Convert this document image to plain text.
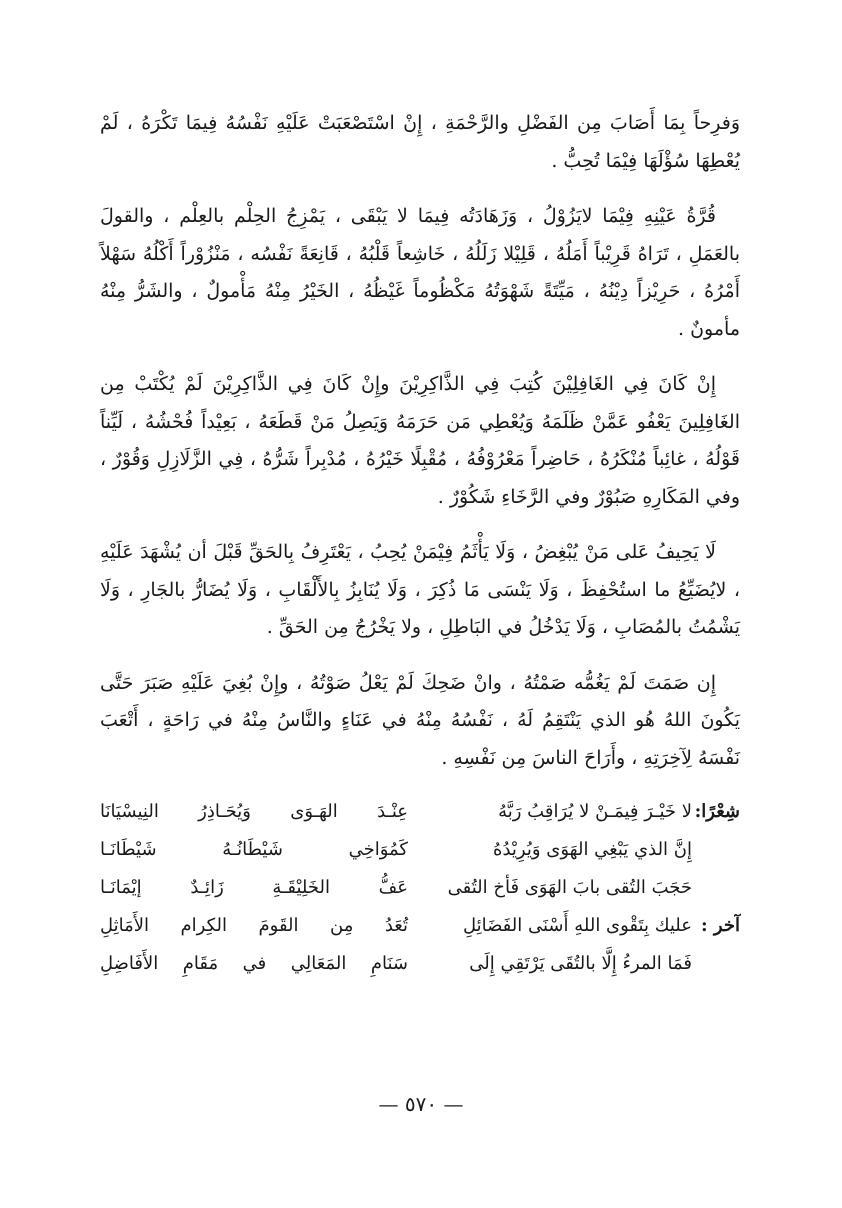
وَفرِحاً بِمَا أَصَابَ مِن الفَضْلِ والرَّحْمَةِ ، إِنْ اسْتَصْعَبَتْ عَلَيْهِ نَفْسُهُ فِيمَا تَكْرَهُ ، لَمْ يُعْطِهَا سُؤْلَهَا فِيْمَا تُحِبُّ .

قُرَّةُ عَيْنِهِ فِيْمَا لايَزُوْلُ ، وَزَهَادَتُه فِيمَا لا يَبْقَى ، يَمْزِجُ الحِلْم بالعِلْم ، والقولَ بالعَمَلِ ، تَرَاهُ قَرِيْباً أَمَلُهُ ، قَلِيْلا زَلَلُهُ ، خَاشِعاً قَلْبُهُ ، قَانِعَةً نَفْسُه ، مَنْزُوْراً أَكْلُهُ سَهْلاً أَمْرُهُ ، حَرِيْزاً دِيْنُهُ ، مَيِّتَةً شَهْوَتُهُ مَكْظُوماً غَيْظُهُ ، الخَيْرُ مِنْهُ مَأْمولٌ ، والشَرُّ مِنْهُ مأمونٌ .

إِنْ كَانَ فِي الغَافِلِيْنَ كُتِبَ فِي الذَّاكِرِيْنَ وإِنْ كَانَ فِي الذَّاكِرِيْنَ لَمْ يُكْتَبْ مِن الغَافِلِينَ يَعْفُو عَمَّنْ ظَلَمَهُ وَيُعْطِي مَن حَرَمَهُ وَيَصِلُ مَنْ قَطَعَهُ ، بَعِيْداً فُحْشُهُ ، لَيِّناً قَوْلُهُ ، غائِباً مُنْكَرُهُ ، حَاضِراً مَعْرُوْفُهُ ، مُقْبِلًا خَيْرُهُ ، مُدْبِراً شَرُّهُ ، فِي الزَّلَازِلِ وَقُوْرٌ ، وفي المَكَارِهِ صَبُوْرٌ وفي الرَّخَاءِ شَكُوْرٌ .

لَا يَحِيفُ عَلى مَنْ يُبْغِضُ ، وَلَا يَأْثَمُ فِيْمَنْ يُحِبُ ، يَعْتَرِفُ بِالحَقِّ قَبْلَ أن يُشْهَدَ عَلَيْهِ ، لايُضَيِّعُ ما استُحْفِظَ ، وَلَا يَنْسَى مَا ذُكِرَ ، وَلَا يُنَابِزُ بِالأَلْقَابِ ، وَلَا يُضَارُّ بالجَارِ ، وَلَا يَشْمُتُ بالمُصَابِ ، وَلَا يَدْخُلُ في البَاطِلِ ، ولا يَخْرُجُ مِن الحَقِّ .

إِن صَمَتَ لَمْ يَغُمُّه صَمْتُهُ ، وانْ ضَحِكَ لَمْ يَعْلُ صَوْتُهُ ، وإِنْ بُغِيَ عَلَيْهِ صَبَرَ حَتَّى يَكُونَ اللهُ هُو الذي يَنْتَقِمُ لَهُ ، نَفْسُهُ مِنْهُ في عَنَاءٍ والنَّاسُ مِنْهُ في رَاحَةٍ ، أَتْعَبَ نَفْسَهُ لِآخِرَتِهِ ، وأَرَاحَ الناسَ مِن نَفْسِهِ .

شِعْرًا:
لا خَيْـرَ فِيمَـنْ لا يُرَاقِبُ رَبَّهُ
عِنْـدَ الهَـوَى وَيُحَـاذِرُ النِيسْيَانَا
إِنَّ الذي يَبْغِي الهَوَى وَيُرِيْدُهُ
كَمُوَاخِي شَيْطَانُـهُ شَيْطَانَـا
حَجَبَ التُقى بابَ الهَوَى فَأخ التُقى
عَفُّ الخَلِيْقَـةِ زَائِـدٌ إيْمَانَـا
آخر :
عليك بِتَقْوى اللهِ أَسْنَى الفَضَائِلِ
تُعَدُ مِن القَومَ الكِرام الأَمَاثِلِ
فَمَا المرءُ إِلَّا بالتُقَى يَرْتَقِي إِلَى
سَنَامِ المَعَالِي في مَقَامِ الأَفَاضِلِ
— ٥٧٠ —
